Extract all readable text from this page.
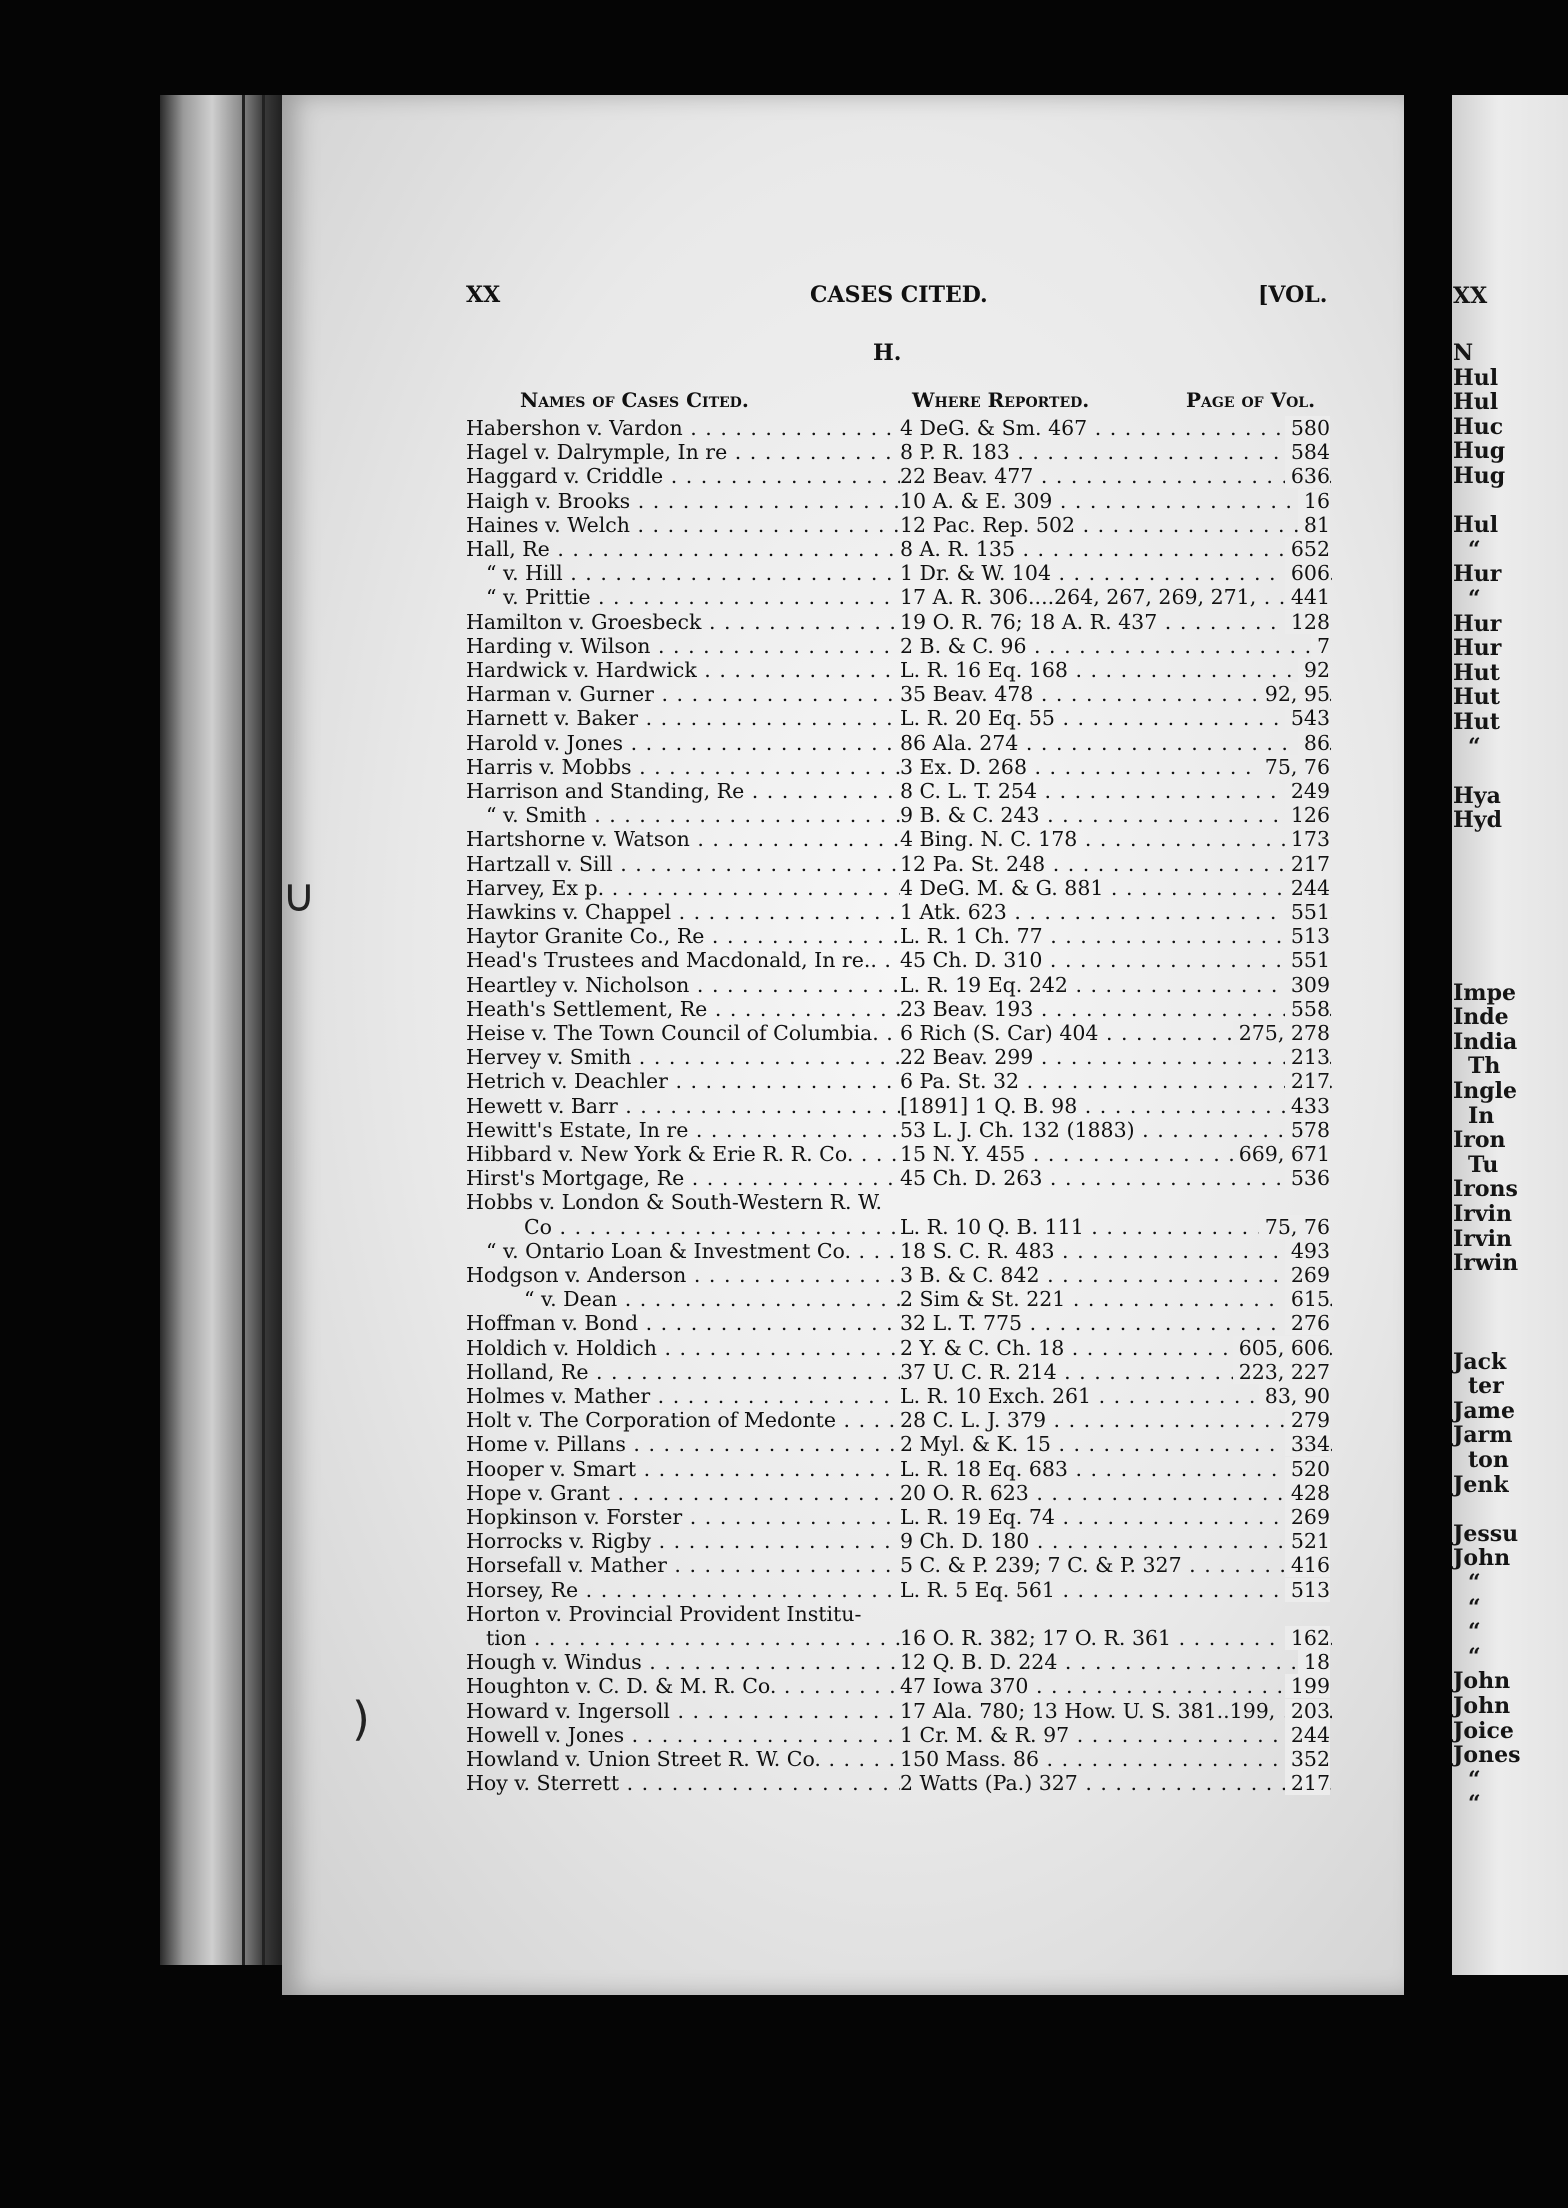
XX
N
Hul
Hul
Huc
Hug
Hug
Hul
“
Hur
“
Hur
Hur
Hut
Hut
Hut
“
Hya
Hyd
Impe
Inde
India
Th
Ingle
In
Iron
Tu
Irons
Irvin
Irvin
Irwin
Jack
ter
Jame
Jarm
ton
Jenk
Jessu
John
“
“
“
“
John
John
Joice
Jones
“
“
XX	CASES CITED.	[VOL.
H.
Names of Cases Cited.	Where Reported.	Page of Vol.
Habershon v. Vardon . . .	4 DeG. & Sm. 467 . . .	580
Hagel v. Dalrymple, In re . . .	8 P. R. 183 . . .	584
Haggard v. Criddle . . .	22 Beav. 477 . . .	636
Haigh v. Brooks . . .	10 A. & E. 309 . . .	16
Haines v. Welch . . .	12 Pac. Rep. 502 . . .	81
Hall, Re . . .	8 A. R. 135 . . .	652
“ v. Hill . . .	1 Dr. & W. 104 . . .	606
“ v. Prittie . . .	17 A. R. 306....264, 267, 269, 271, . . .	441
Hamilton v. Groesbeck . . .	19 O. R. 76; 18 A. R. 437 . . .	128
Harding v. Wilson . . .	2 B. & C. 96 . . .	7
Hardwick v. Hardwick . . .	L. R. 16 Eq. 168 . . .	92
Harman v. Gurner . . .	35 Beav. 478 . . .	92, 95
Harnett v. Baker . . .	L. R. 20 Eq. 55 . . .	543
Harold v. Jones . . .	86 Ala. 274 . . .	86
Harris v. Mobbs . . .	3 Ex. D. 268 . . .	75, 76
Harrison and Standing, Re . . .	8 C. L. T. 254 . . .	249
“ v. Smith . . .	9 B. & C. 243 . . .	126
Hartshorne v. Watson . . .	4 Bing. N. C. 178 . . .	173
Hartzall v. Sill . . .	12 Pa. St. 248 . . .	217
Harvey, Ex p. . . .	4 DeG. M. & G. 881 . . .	244
Hawkins v. Chappel . . .	1 Atk. 623 . . .	551
Haytor Granite Co., Re . . .	L. R. 1 Ch. 77 . . .	513
Head's Trustees and Macdonald, In re.. . . .	45 Ch. D. 310 . . .	551
Heartley v. Nicholson . . .	L. R. 19 Eq. 242 . . .	309
Heath's Settlement, Re . . .	23 Beav. 193 . . .	558
Heise v. The Town Council of Columbia. . . .	6 Rich (S. Car) 404 . . .	275, 278
Hervey v. Smith . . .	22 Beav. 299 . . .	213
Hetrich v. Deachler . . .	6 Pa. St. 32 . . .	217
Hewett v. Barr . . .	[1891] 1 Q. B. 98 . . .	433
Hewitt's Estate, In re . . .	53 L. J. Ch. 132 (1883) . . .	578
Hibbard v. New York & Erie R. R. Co. . . .	15 N. Y. 455 . . .	669, 671
Hirst's Mortgage, Re . . .	45 Ch. D. 263 . . .	536
Hobbs v. London & South-Western R. W.
Co . . .	L. R. 10 Q. B. 111 . . .	75, 76
“ v. Ontario Loan & Investment Co. . . .	18 S. C. R. 483 . . .	493
Hodgson v. Anderson . . .	3 B. & C. 842 . . .	269
“ v. Dean . . .	2 Sim & St. 221 . . .	615
Hoffman v. Bond . . .	32 L. T. 775 . . .	276
Holdich v. Holdich . . .	2 Y. & C. Ch. 18 . . .	605, 606
Holland, Re . . .	37 U. C. R. 214 . . .	223, 227
Holmes v. Mather . . .	L. R. 10 Exch. 261 . . .	83, 90
Holt v. The Corporation of Medonte . . .	28 C. L. J. 379 . . .	279
Home v. Pillans . . .	2 Myl. & K. 15 . . .	334
Hooper v. Smart . . .	L. R. 18 Eq. 683 . . .	520
Hope v. Grant . . .	20 O. R. 623 . . .	428
Hopkinson v. Forster . . .	L. R. 19 Eq. 74 . . .	269
Horrocks v. Rigby . . .	9 Ch. D. 180 . . .	521
Horsefall v. Mather . . .	5 C. & P. 239; 7 C. & P. 327 . . .	416
Horsey, Re . . .	L. R. 5 Eq. 561 . . .	513
Horton v. Provincial Provident Institu-
tion . . .	16 O. R. 382; 17 O. R. 361 . . .	162
Hough v. Windus . . .	12 Q. B. D. 224 . . .	18
Houghton v. C. D. & M. R. Co. . . .	47 Iowa 370 . . .	199
Howard v. Ingersoll . . .	17 Ala. 780; 13 How. U. S. 381..199, . . . 203
Howell v. Jones . . .	1 Cr. M. & R. 97 . . .	244
Howland v. Union Street R. W. Co. . . .	150 Mass. 86 . . .	352
Hoy v. Sterrett . . .	2 Watts (Pa.) 327 . . .	217
∪
)
